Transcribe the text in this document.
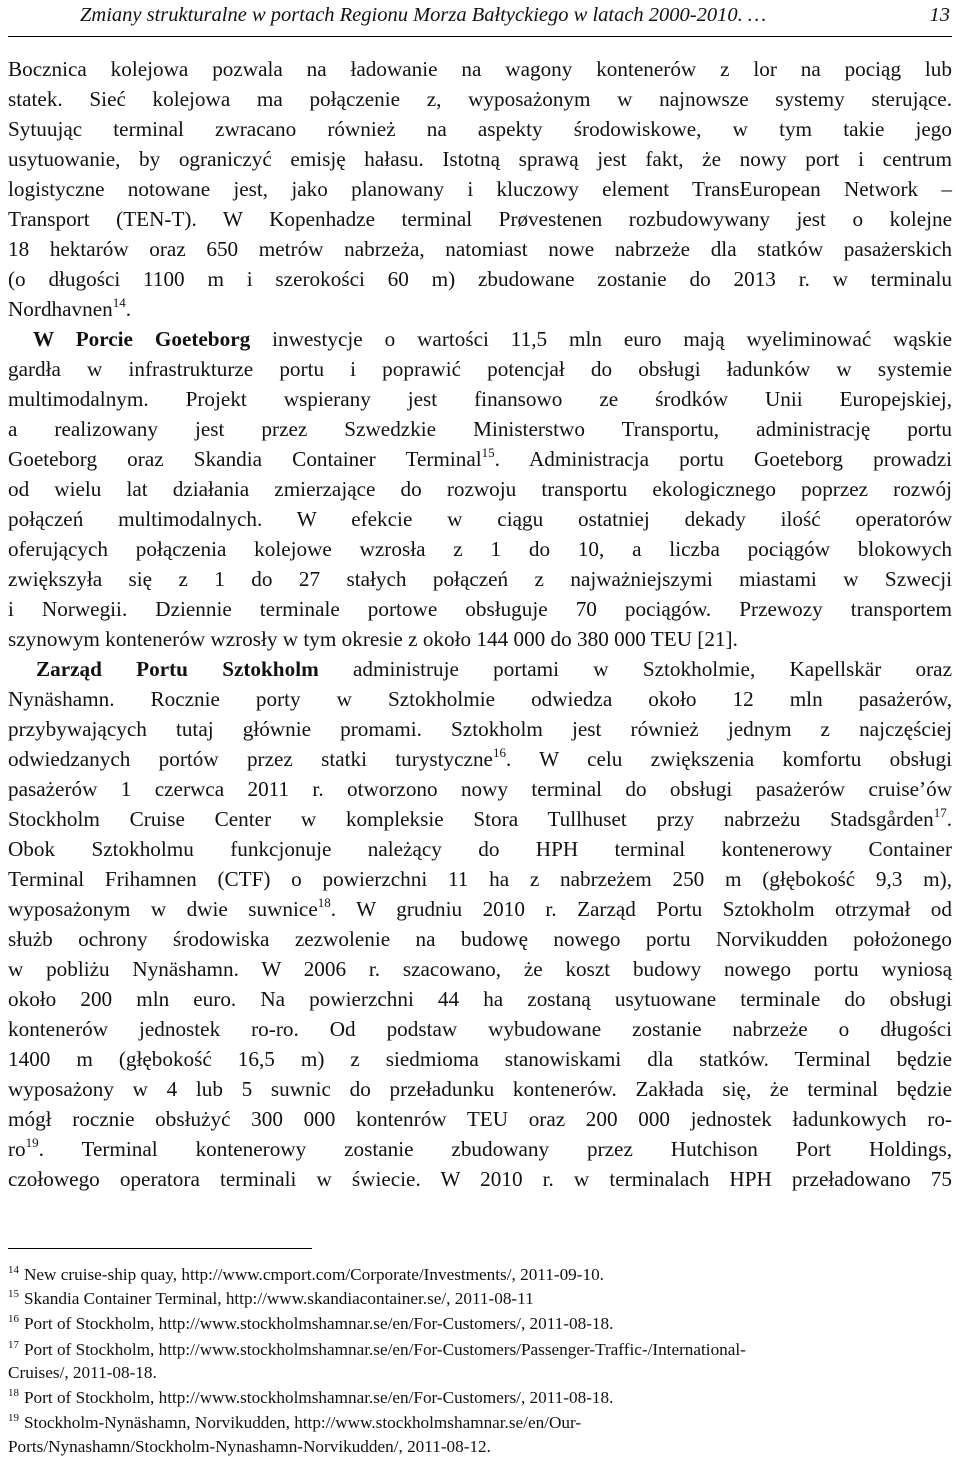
Zmiany strukturalne w portach Regionu Morza Bałtyckiego w latach 2000-2010. …	13
Bocznica kolejowa pozwala na ładowanie na wagony kontenerów z lor na pociąg lub
statek. Sieć kolejowa ma połączenie z, wyposażonym w najnowsze systemy sterujące.
Sytuując terminal zwracano również na aspekty środowiskowe, w tym takie jego
usytuowanie, by ograniczyć emisję hałasu. Istotną sprawą jest fakt, że nowy port i centrum
logistyczne notowane jest, jako planowany i kluczowy element TransEuropean Network –
Transport (TEN-T). W Kopenhadze terminal Prøvestenen rozbudowywany jest o kolejne
18 hektarów oraz 650 metrów nabrzeża, natomiast nowe nabrzeże dla statków pasażerskich
(o długości 1100 m i szerokości 60 m) zbudowane zostanie do 2013 r. w terminalu
Nordhavnen$^{14}$.
W Porcie Goeteborg inwestycje o wartości 11,5 mln euro mają wyeliminować wąskie
gardła w infrastrukturze portu i poprawić potencjał do obsługi ładunków w systemie
multimodalnym. Projekt wspierany jest finansowo ze środków Unii Europejskiej,
a realizowany jest przez Szwedzkie Ministerstwo Transportu, administrację portu
Goeteborg oraz Skandia Container Terminal$^{15}$. Administracja portu Goeteborg prowadzi
od wielu lat działania zmierzające do rozwoju transportu ekologicznego poprzez rozwój
połączeń multimodalnych. W efekcie w ciągu ostatniej dekady ilość operatorów
oferujących połączenia kolejowe wzrosła z 1 do 10, a liczba pociągów blokowych
zwiększyła się z 1 do 27 stałych połączeń z najważniejszymi miastami w Szwecji
i Norwegii. Dziennie terminale portowe obsługuje 70 pociągów. Przewozy transportem
szynowym kontenerów wzrosły w tym okresie z około 144 000 do 380 000 TEU [21].
Zarząd Portu Sztokholm administruje portami w Sztokholmie, Kapellskär oraz
Nynäshamn. Rocznie porty w Sztokholmie odwiedza około 12 mln pasażerów,
przybywających tutaj głównie promami. Sztokholm jest również jednym z najczęściej
odwiedzanych portów przez statki turystyczne$^{16}$. W celu zwiększenia komfortu obsługi
pasażerów 1 czerwca 2011 r. otworzono nowy terminal do obsługi pasażerów cruise’ów
Stockholm Cruise Center w kompleksie Stora Tullhuset przy nabrzeżu Stadsgården$^{17}$.
Obok Sztokholmu funkcjonuje należący do HPH terminal kontenerowy Container
Terminal Frihamnen (CTF) o powierzchni 11 ha z nabrzeżem 250 m (głębokość 9,3 m),
wyposażonym w dwie suwnice$^{18}$. W grudniu 2010 r. Zarząd Portu Sztokholm otrzymał od
służb ochrony środowiska zezwolenie na budowę nowego portu Norvikudden położonego
w pobliżu Nynäshamn. W 2006 r. szacowano, że koszt budowy nowego portu wyniosą
około 200 mln euro. Na powierzchni 44 ha zostaną usytuowane terminale do obsługi
kontenerów jednostek ro-ro. Od podstaw wybudowane zostanie nabrzeże o długości
1400 m (głębokość 16,5 m) z siedmioma stanowiskami dla statków. Terminal będzie
wyposażony w 4 lub 5 suwnic do przeładunku kontenerów. Zakłada się, że terminal będzie
mógł rocznie obsłużyć 300 000 kontenrów TEU oraz 200 000 jednostek ładunkowych ro-
$ro^{19}$. Terminal kontenerowy zostanie zbudowany przez Hutchison Port Holdings,
czołowego operatora terminali w świecie. W 2010 r. w terminalach HPH przeładowano 75
$^{14}$ New cruise-ship quay, http://www.cmport.com/Corporate/Investments/, 2011-09-10.
$^{15}$ Skandia Container Terminal, http://www.skandiacontainer.se/, 2011-08-11
$^{16}$ Port of Stockholm, http://www.stockholmshamnar.se/en/For-Customers/, 2011-08-18.
$^{17}$ Port of Stockholm, http://www.stockholmshamnar.se/en/For-Customers/Passenger-Traffic-/International-
Cruises/, 2011-08-18.
$^{18}$ Port of Stockholm, http://www.stockholmshamnar.se/en/For-Customers/, 2011-08-18.
$^{19}$ Stockholm-Nynäshamn, Norvikudden, http://www.stockholmshamnar.se/en/Our-
Ports/Nynashamn/Stockholm-Nynashamn-Norvikudden/, 2011-08-12.
